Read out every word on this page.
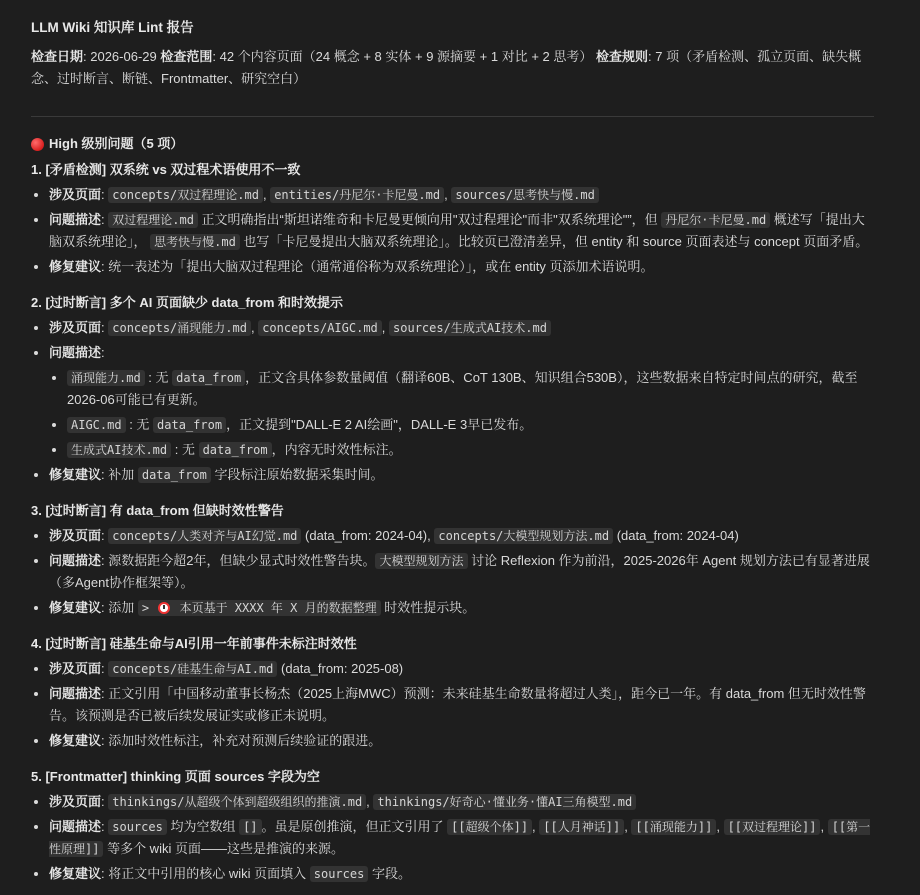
LLM Wiki 知识库 Lint 报告
检查日期: 2026-06-29 检查范围: 42 个内容页面（24 概念 + 8 实体 + 9 源摘要 + 1 对比 + 2 思考） 检查规则: 7 项（矛盾检测、孤立页面、缺失概念、过时断言、断链、Frontmatter、研究空白）
High 级别问题（5 项）
1. [矛盾检测] 双系统 vs 双过程术语使用不一致
• 涉及页面: concepts/双过程理论.md , entities/丹尼尔·卡尼曼.md , sources/思考快与慢.md
• 问题描述: 双过程理论.md 正文明确指出“斯坦诺维奇和卡尼曼更倾向用"双过程理论"而非"双系统理论"”，但 丹尼尔·卡尼曼.md 概述写「提出大脑双系统理论」， 思考快与慢.md 也写「卡尼曼提出大脑双系统理论」。比较页已澄清差异，但 entity 和 source 页面表述与 concept 页面矛盾。
• 修复建议: 统一表述为「提出大脑双过程理论（通常通俗称为双系统理论）」，或在 entity 页添加术语说明。
2. [过时断言] 多个 AI 页面缺少 data_from 和时效提示
• 涉及页面: concepts/涌现能力.md , concepts/AIGC.md , sources/生成式AI技术.md
• 问题描述:
• 涌现能力.md : 无 data_from ，正文含具体参数量阈值（翻译60B、CoT 130B、知识组合530B），这些数据来自特定时间点的研究，截至2026-06可能已有更新。
• AIGC.md : 无 data_from ，正文提到"DALL-E 2 AI绘画"，DALL-E 3早已发布。
• 生成式AI技术.md : 无 data_from ，内容无时效性标注。
• 修复建议: 补加 data_from 字段标注原始数据采集时间。
3. [过时断言] 有 data_from 但缺时效性警告
• 涉及页面: concepts/人类对齐与AI幻觉.md (data_from: 2024-04), concepts/大模型规划方法.md (data_from: 2024-04)
• 问题描述: 源数据距今超2年，但缺少显式时效性警告块。 大模型规划方法 讨论 Reflexion 作为前沿，2025-2026年 Agent 规划方法已有显著进展（多Agent协作框架等）。
• 修复建议: 添加 >	本页基于 XXXX 年 X 月的数据整理 时效性提示块。
4. [过时断言] 硅基生命与AI引用一年前事件未标注时效性
• 涉及页面: concepts/硅基生命与AI.md (data_from: 2025-08)
• 问题描述: 正文引用「中国移动董事长杨杰（2025上海MWC）预测：未来硅基生命数量将超过人类」，距今已一年。有 data_from 但无时效性警告。该预测是否已被后续发展证实或修正未说明。
• 修复建议: 添加时效性标注，补充对预测后续验证的跟进。
5. [Frontmatter] thinking 页面 sources 字段为空
• 涉及页面: thinkings/从超级个体到超级组织的推演.md , thinkings/好奇心·懂业务·懂AI三角模型.md
• 问题描述: sources 均为空数组 [] 。虽是原创推演，但正文引用了 [[超级个体]] , [[人月神话]] , [[涌现能力]] , [[双过程理论]] , [[第一性原理]] 等多个 wiki 页面——这些是推演的来源。
• 修复建议: 将正文中引用的核心 wiki 页面填入 sources 字段。
